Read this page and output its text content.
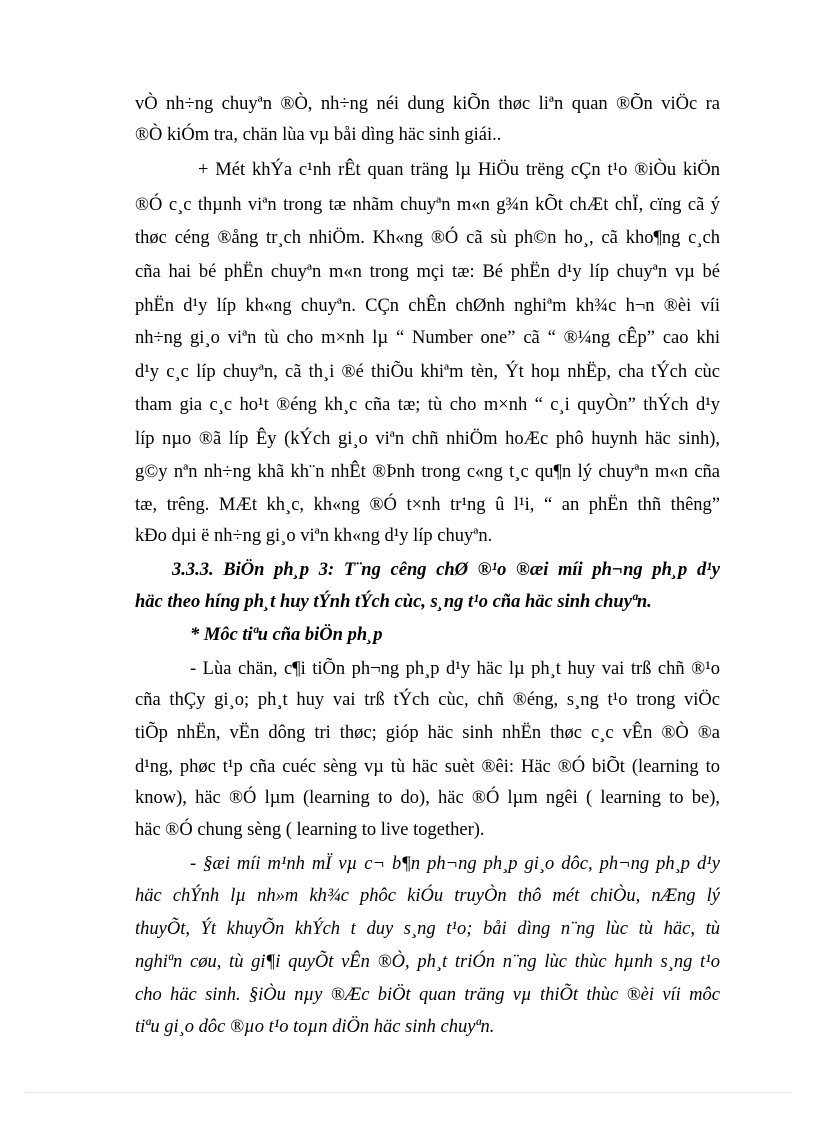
vÒ nh÷ng chuyªn ®Ò, nh÷ng néi dung kiÕn thøc liªn quan ®Õn viÖc ra
®Ò kiÓm tra, chän lùa vµ båi dìng häc sinh giái..
+ Mét khÝa c¹nh rÊt quan träng lµ HiÖu trëng cÇn t¹o ®iÒu kiÖn
®Ó c¸c thµnh viªn trong tæ nhãm chuyªn m«n g¾n kÕt chÆt chÏ, cïng cã ý
thøc céng ®ång tr¸ch nhiÖm. Kh«ng ®Ó cã sù ph©n ho¸, cã kho¶ng c¸ch
cña hai bé phËn chuyªn m«n trong mçi tæ: Bé phËn d¹y líp chuyªn vµ bé
phËn d¹y líp kh«ng chuyªn. CÇn chÊn chØnh nghiªm kh¾c h¬n ®èi víi
nh÷ng gi¸o viªn tù cho m×nh lµ “ Number one” cã “ ®¼ng cÊp” cao khi
d¹y c¸c líp chuyªn, cã th¸i ®é thiÕu khiªm tèn, Ýt hoµ nhËp, cha tÝch cùc
tham gia c¸c ho¹t ®éng kh¸c cña tæ; tù cho m×nh “ c¸i quyÒn” thÝch d¹y
líp nµo ®ã líp Êy (kÝch gi¸o viªn chñ nhiÖm hoÆc phô huynh häc sinh),
g©y nªn nh÷ng khã kh¨n nhÊt ®Þnh trong c«ng t¸c qu¶n lý chuyªn m«n cña
tæ, trêng. MÆt kh¸c, kh«ng ®Ó t×nh tr¹ng û l¹i, “ an phËn thñ thêng”
kÐo dµi ë nh÷ng gi¸o viªn kh«ng d¹y líp chuyªn.
3.3.3. BiÖn ph¸p 3: T¨ng cêng chØ ®¹o ®æi míi ph¬ng ph¸p d¹y
häc theo híng ph¸t huy tÝnh tÝch cùc, s¸ng t¹o cña häc sinh chuyªn.
* Môc tiªu cña biÖn ph¸p
- Lùa chän, c¶i tiÕn ph¬ng ph¸p d¹y häc lµ ph¸t huy vai trß chñ ®¹o
cña thÇy gi¸o; ph¸t huy vai trß tÝch cùc, chñ ®éng, s¸ng t¹o trong viÖc
tiÕp nhËn, vËn dông tri thøc; gióp häc sinh nhËn thøc c¸c vÊn ®Ò ®a
d¹ng, phøc t¹p cña cuéc sèng vµ tù häc suèt ®êi: Häc ®Ó biÕt (learning to
know), häc ®Ó lµm (learning to do), häc ®Ó lµm ngêi ( learning to be),
häc ®Ó chung sèng ( learning to live together).
- §æi míi m¹nh mÏ vµ c¬ b¶n ph¬ng ph¸p gi¸o dôc, ph¬ng ph¸p d¹y
häc chÝnh lµ nh»m kh¾c phôc kiÓu truyÒn thô mét chiÒu, nÆng lý
thuyÕt, Ýt khuyÕn khÝch t duy s¸ng t¹o; båi dìng n¨ng lùc tù häc, tù
nghiªn cøu, tù gi¶i quyÕt vÊn ®Ò, ph¸t triÓn n¨ng lùc thùc hµnh s¸ng t¹o
cho häc sinh. §iÒu nµy ®Æc biÖt quan träng vµ thiÕt thùc ®èi víi môc
tiªu gi¸o dôc ®µo t¹o toµn diÖn häc sinh chuyªn.
